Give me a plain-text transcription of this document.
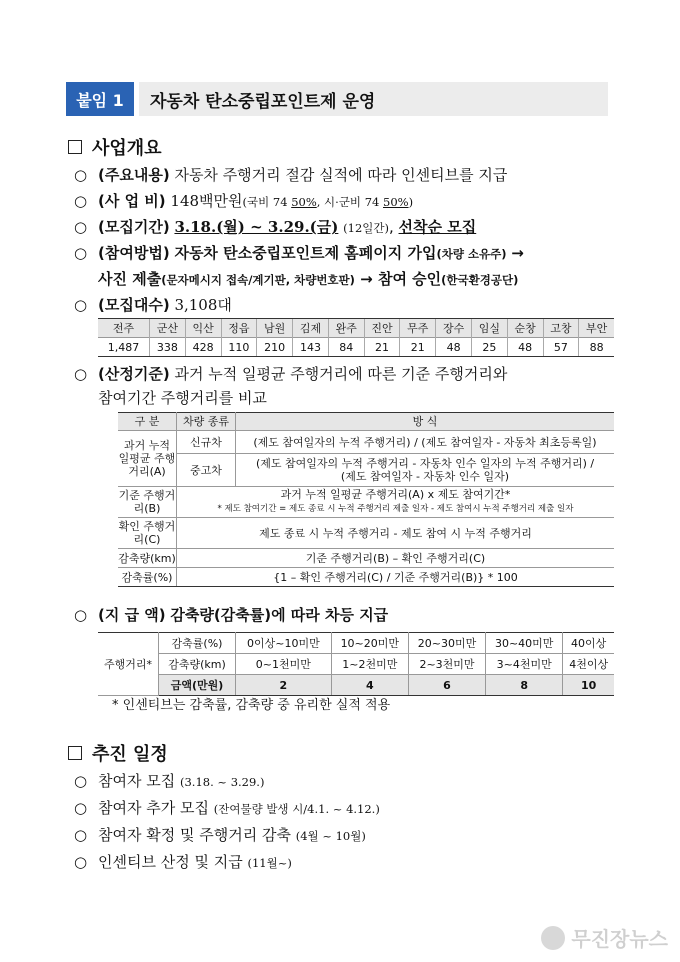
붙임 1	자동차 탄소중립포인트제 운영
사업개요
○ (주요내용) 자동차 주행거리 절감 실적에 따라 인센티브를 지급
○ (사 업 비) 148백만원(국비 74 50%, 시·군비 74 50%)
○ (모집기간) 3.18.(월) ~ 3.29.(금) (12일간), 선착순 모집
○ (참여방법) 자동차 탄소중립포인트제 홈페이지 가입(차량 소유주) →
사진 제출(문자메시지 접속/계기판, 차량번호판) → 참여 승인(한국환경공단)
○ (모집대수) 3,108대
전주	군산	익산	정읍	남원	김제	완주	진안	무주	장수	임실	순창	고창	부안
1,487	338	428	110	210	143	84	21	21	48	25	48	57	88
○ (산정기준) 과거 누적 일평균 주행거리에 따른 기준 주행거리와
참여기간 주행거리를 비교
구 분	차량 종류	방 식
과거 누적 일평균 주행거리(A)	신규차	(제도 참여일자의 누적 주행거리) / (제도 참여일자 - 자동차 최초등록일)
	중고차	(제도 참여일자의 누적 주행거리 - 자동차 인수 일자의 누적 주행거리) /
(제도 참여일자 - 자동차 인수 일자)
기준 주행거리(B)	과거 누적 일평균 주행거리(A) x 제도 참여기간*
* 제도 참여기간 = 제도 종료 시 누적 주행거리 제출 일자 - 제도 참여시 누적 주행거리 제출 일자	
확인 주행거리(C)	제도 종료 시 누적 주행거리 - 제도 참여 시 누적 주행거리	
감축량(km)	기준 주행거리(B) – 확인 주행거리(C)	
감축률(%)	{1 – 확인 주행거리(C) / 기준 주행거리(B)} * 100	
○ (지 급 액) 감축량(감축률)에 따라 차등 지급
주행거리*	감축률(%)	0이상~10미만	10~20미만	20~30미만	30~40미만	40이상
	감축량(km)	0~1천미만	1~2천미만	2~3천미만	3~4천미만	4천이상
	금액(만원)	2	4	6	8	10
* 인센티브는 감축률, 감축량 중 유리한 실적 적용
추진 일정
○ 참여자 모집 (3.18. ~ 3.29.)
○ 참여자 추가 모집 (잔여물량 발생 시/4.1. ~ 4.12.)
○ 참여자 확정 및 주행거리 감축 (4월 ~ 10월)
○ 인센티브 산정 및 지급 (11월~)
무진장뉴스
